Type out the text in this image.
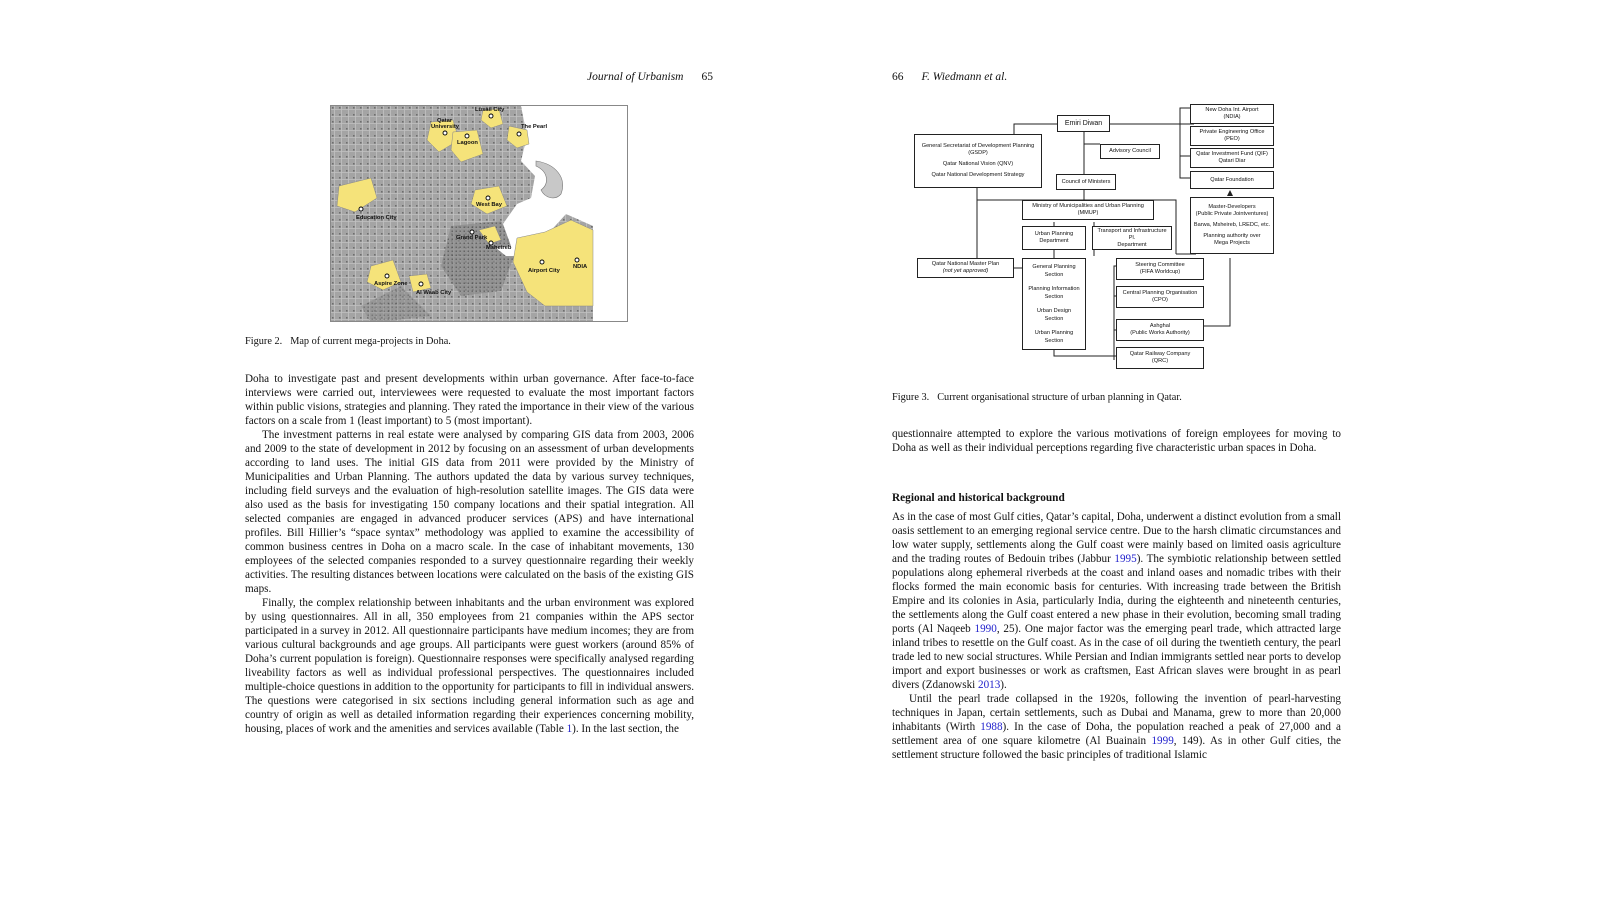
Journal of Urbanism 65
Lusail City
Qatar
University
Lagoon
The Pearl
Education City
West Bay
Grand Park
Msheireb
NDIA
Airport City
Aspire Zone
Al Waab City
Figure 2. Map of current mega-projects in Doha.

Doha to investigate past and present developments within urban governance. After face-to-face interviews were carried out, interviewees were requested to evaluate the most important factors within public visions, strategies and planning. They rated the importance in their view of the various factors on a scale from 1 (least important) to 5 (most important).

The investment patterns in real estate were analysed by comparing GIS data from 2003, 2006 and 2009 to the state of development in 2012 by focusing on an assessment of urban developments according to land uses. The initial GIS data from 2011 were provided by the Ministry of Municipalities and Urban Planning. The authors updated the data by various survey techniques, including field surveys and the evaluation of high-resolution satellite images. The GIS data were also used as the basis for investigating 150 company locations and their spatial integration. All selected companies are engaged in advanced producer services (APS) and have international profiles. Bill Hillier’s “space syntax” methodology was applied to examine the accessibility of common business centres in Doha on a macro scale. In the case of inhabitant movements, 130 employees of the selected companies responded to a survey questionnaire regarding their weekly activities. The resulting distances between locations were calculated on the basis of the existing GIS maps.

Finally, the complex relationship between inhabitants and the urban environment was explored by using questionnaires. All in all, 350 employees from 21 companies within the APS sector participated in a survey in 2012. All questionnaire participants have medium incomes; they are from various cultural backgrounds and age groups. All participants were guest workers (around 85% of Doha’s current population is foreign). Questionnaire responses were specifically analysed regarding liveability factors as well as individual professional perspectives. The questionnaires included multiple-choice questions in addition to the opportunity for participants to fill in individual answers. The questions were categorised in six sections including general information such as age and country of origin as well as detailed information regarding their experiences concerning mobility, housing, places of work and the amenities and services available (Table 1). In the last section, the

66 F. Wiedmann et al.
Emiri Diwan
General Secretariat of Development Planning
(GSDP)
Qatar National Vision (QNV)
Qatar National Development Strategy
Advisory Council
Council of Ministers
New Doha Int. Airport
(NDIA)
Private Engineering Office
(PEO)
Qatar Investment Fund (QIF)
Qatari Diar
Qatar Foundation
Master-Developers
(Public Private Jointventures)
Barwa, Msheireb, LREDC, etc.
Planning authority over
Mega Projects
Ministry of Municipalities and Urban Planning
(MMUP)
Urban Planning
Department
Transport and Infrastructure Pl.
Department
Qatar National Master Plan
(not yet approved)
General Planning
Section
Planning Information
Section
Urban Design
Section
Urban Planning
Section
Steering Committee
(FIFA Worldcup)
Central Planning Organisation
(CPO)
Ashghal
(Public Works Authority)
Qatar Railway Company
(QRC)
Figure 3. Current organisational structure of urban planning in Qatar.

questionnaire attempted to explore the various motivations of foreign employees for moving to Doha as well as their individual perceptions regarding five characteristic urban spaces in Doha.

Regional and historical background

As in the case of most Gulf cities, Qatar’s capital, Doha, underwent a distinct evolution from a small oasis settlement to an emerging regional service centre. Due to the harsh climatic circumstances and low water supply, settlements along the Gulf coast were mainly based on limited oasis agriculture and the trading routes of Bedouin tribes (Jabbur 1995). The symbiotic relationship between settled populations along ephemeral riverbeds at the coast and inland oases and nomadic tribes with their flocks formed the main economic basis for centuries. With increasing trade between the British Empire and its colonies in Asia, particularly India, during the eighteenth and nineteenth centuries, the settlements along the Gulf coast entered a new phase in their evolution, becoming small trading ports (Al Naqeeb 1990, 25). One major factor was the emerging pearl trade, which attracted large inland tribes to resettle on the Gulf coast. As in the case of oil during the twentieth century, the pearl trade led to new social structures. While Persian and Indian immigrants settled near ports to develop import and export businesses or work as craftsmen, East African slaves were brought in as pearl divers (Zdanowski 2013).

Until the pearl trade collapsed in the 1920s, following the invention of pearl-harvesting techniques in Japan, certain settlements, such as Dubai and Manama, grew to more than 20,000 inhabitants (Wirth 1988). In the case of Doha, the population reached a peak of 27,000 and a settlement area of one square kilometre (Al Buainain 1999, 149). As in other Gulf cities, the settlement structure followed the basic principles of traditional Islamic
